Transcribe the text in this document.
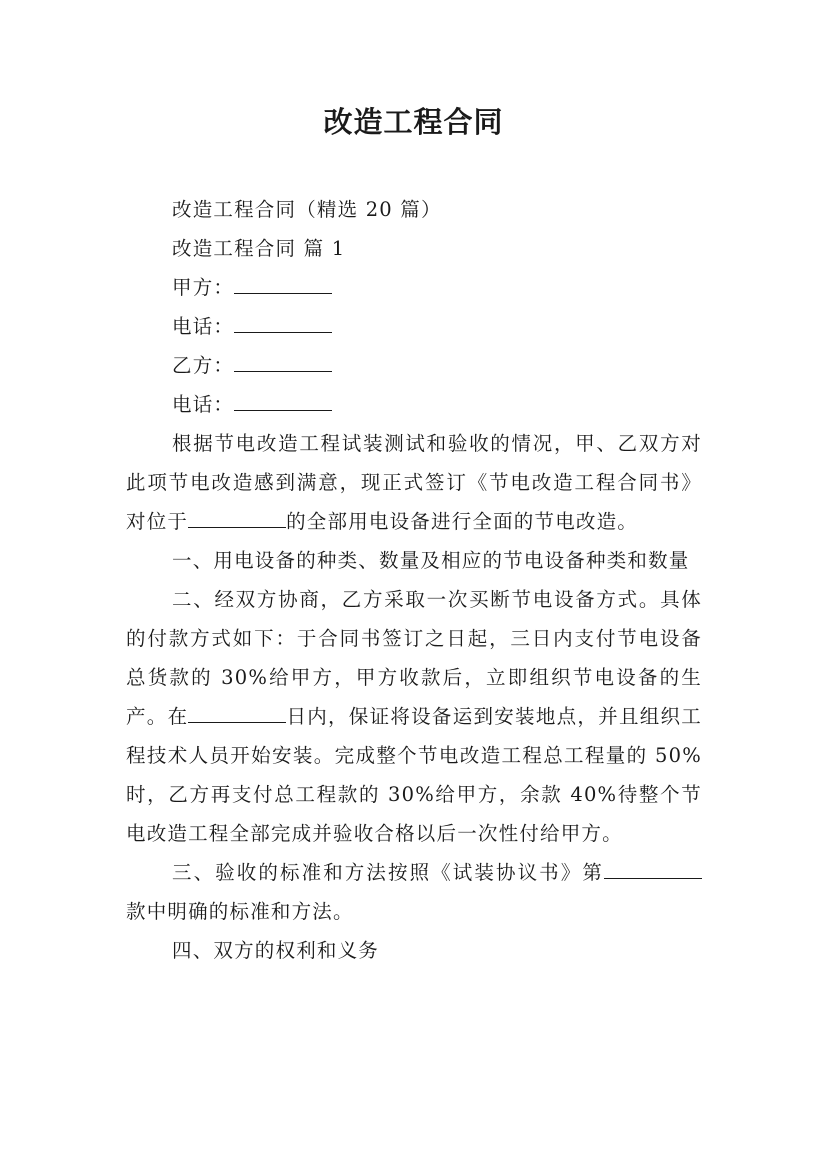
改造工程合同

改造工程合同（精选 20 篇）

改造工程合同 篇 1

甲方：

电话：

乙方：

电话：

根据节电改造工程试装测试和验收的情况，甲、乙双方对此项节电改造感到满意，现正式签订《节电改造工程合同书》对位于	的全部用电设备进行全面的节电改造。

一、用电设备的种类、数量及相应的节电设备种类和数量

二、经双方协商，乙方采取一次买断节电设备方式。具体的付款方式如下：于合同书签订之日起，三日内支付节电设备总货款的 30%给甲方，甲方收款后，立即组织节电设备的生产。在	日内，保证将设备运到安装地点，并且组织工程技术人员开始安装。完成整个节电改造工程总工程量的 50%时，乙方再支付总工程款的 30%给甲方，余款 40%待整个节电改造工程全部完成并验收合格以后一次性付给甲方。

三、验收的标准和方法按照《试装协议书》第款中明确的标准和方法。

四、双方的权利和义务
